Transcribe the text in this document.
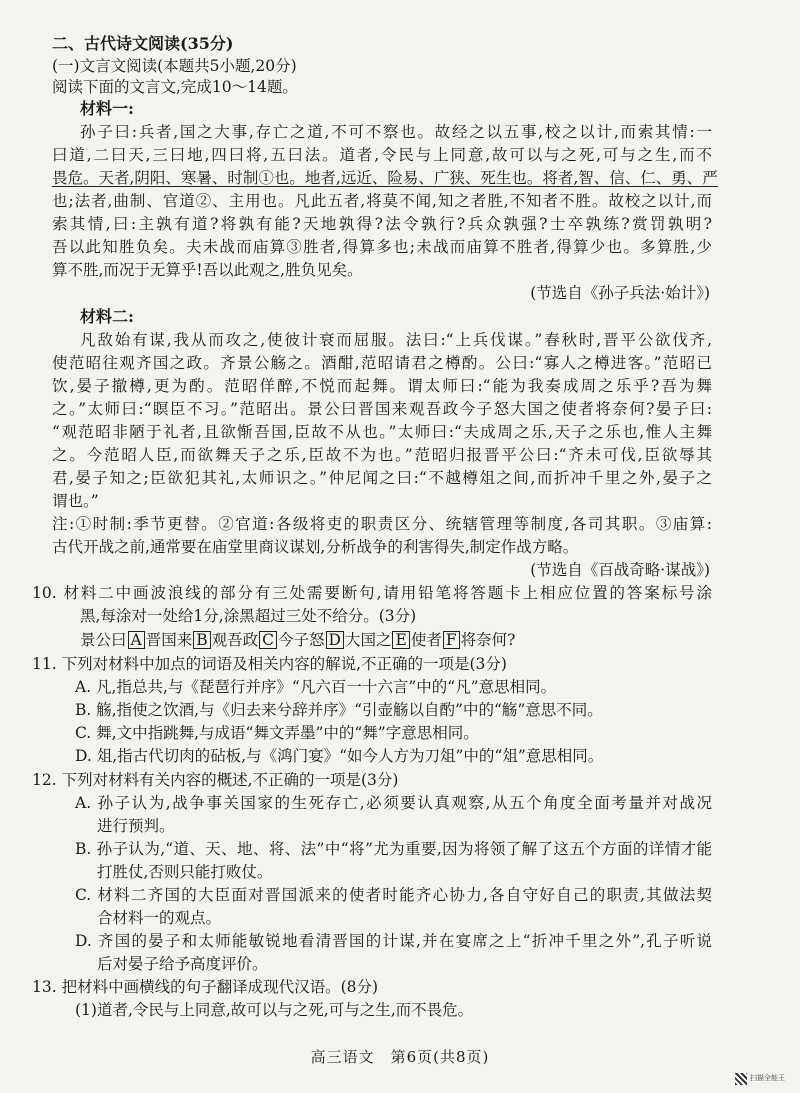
二、古代诗文阅读(35分)
(一)文言文阅读(本题共5小题,20分)
阅读下面的文言文,完成10～14题。
材料一:
孙子曰:兵者,国之大事,存亡之道,不可不察也。故经之以五事,校之以计,而索其情:一
曰道,二曰天,三曰地,四曰将,五曰法。道者,令民与上同意,故可以与之死,可与之生,而不
畏危。天者,阴阳、寒暑、时制①也。地者,远近、险易、广狭、死生也。将者,智、信、仁、勇、严
也;法者,曲制、官道②、主用也。凡此五者,将莫不闻,知之者胜,不知者不胜。故校之以计,而
索其情,曰:主孰有道?将孰有能?天地孰得?法令孰行?兵众孰强?士卒孰练?赏罚孰明?
吾以此知胜负矣。夫未战而庙算③胜者,得算多也;未战而庙算不胜者,得算少也。多算胜,少
算不胜,而况于无算乎!吾以此观之,胜负见矣。
(节选自《孙子兵法·始计》)
材料二:
凡敌始有谋,我从而攻之,使彼计衰而屈服。法曰:“上兵伐谋。”春秋时,晋平公欲伐齐,
使范昭往观齐国之政。齐景公觞之。酒酣,范昭请君之樽酌。公曰:“寡人之樽进客。”范昭已
饮,晏子撤樽,更为酌。范昭佯醉,不悦而起舞。谓太师曰:“能为我奏成周之乐乎?吾为舞
之。”太师曰:“瞑臣不习。”范昭出。景公曰晋国来观吾政今子怒大国之使者将奈何?晏子曰:
“观范昭非陋于礼者,且欲惭吾国,臣故不从也。”太师曰:“夫成周之乐,天子之乐也,惟人主舞
之。今范昭人臣,而欲舞天子之乐,臣故不为也。”范昭归报晋平公曰:“齐未可伐,臣欲辱其
君,晏子知之;臣欲犯其礼,太师识之。”仲尼闻之曰:“不越樽俎之间,而折冲千里之外,晏子之
谓也。”
注:①时制:季节更替。②官道:各级将吏的职责区分、统辖管理等制度,各司其职。③庙算:
古代开战之前,通常要在庙堂里商议谋划,分析战争的利害得失,制定作战方略。
(节选自《百战奇略·谋战》)
10. 材料二中画波浪线的部分有三处需要断句,请用铅笔将答题卡上相应位置的答案标号涂
黑,每涂对一处给1分,涂黑超过三处不给分。(3分)
景公曰 A 晋国来 B 观吾政 C 今子怒 D 大国之 E 使者 F 将奈何?
11. 下列对材料中加点的词语及相关内容的解说,不正确的一项是(3分)
A. 凡,指总共,与《琵琶行并序》“凡六百一十六言”中的“凡”意思相同。
B. 觞,指使之饮酒,与《归去来兮辞并序》“引壶觞以自酌”中的“觞”意思不同。
C. 舞,文中指跳舞,与成语“舞文弄墨”中的“舞”字意思相同。
D. 俎,指古代切肉的砧板,与《鸿门宴》“如今人方为刀俎”中的“俎”意思相同。
12. 下列对材料有关内容的概述,不正确的一项是(3分)
A. 孙子认为,战争事关国家的生死存亡,必须要认真观察,从五个角度全面考量并对战况
进行预判。
B. 孙子认为,“道、天、地、将、法”中“将”尤为重要,因为将领了解了这五个方面的详情才能
打胜仗,否则只能打败仗。
C. 材料二齐国的大臣面对晋国派来的使者时能齐心协力,各自守好自己的职责,其做法契
合材料一的观点。
D. 齐国的晏子和太师能敏锐地看清晋国的计谋,并在宴席之上“折冲千里之外”,孔子听说
后对晏子给予高度评价。
13. 把材料中画横线的句子翻译成现代汉语。(8分)
(1)道者,令民与上同意,故可以与之死,可与之生,而不畏危。
高三语文　第6页(共8页)
扫描全能王
